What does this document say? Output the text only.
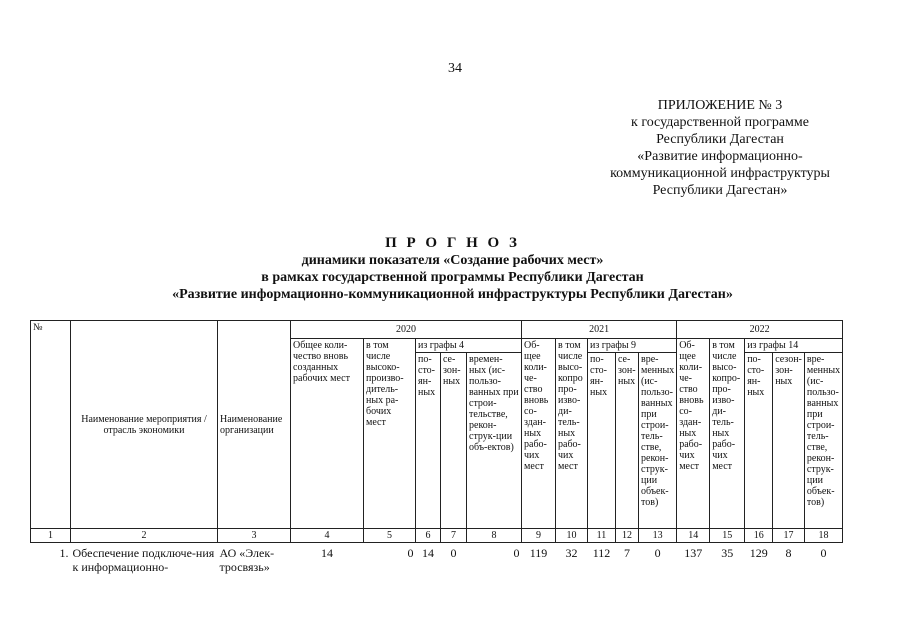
34
ПРИЛОЖЕНИЕ № 3
к государственной программе
Республики Дагестан
«Развитие информационно-
коммуникационной инфраструктуры
Республики Дагестан»
П Р О Г Н О З
динамики показателя «Создание рабочих мест»
в рамках государственной программы Республики Дагестан
«Развитие информационно-коммуникационной инфраструктуры Республики Дагестан»
№	Наименование мероприятия /отрасль экономики	Наименование организации	2020					2021					2022				
			Общее коли-чество вновь созданных рабочих мест	в том числе высоко-произво-дитель-ных ра-бочих мест	из графы 4			Об-щее коли-че-ство вновь со-здан-ных рабо-чих мест	в том числе высо-копро про-изво-ди-тель-ных рабо-чих мест	из графы 9			Об-щее коли-че-ство вновь со-здан-ных рабо-чих мест	в том числе высо-копро-про-изво-ди-тель-ных рабо-чих мест	из графы 14		
					по-сто-ян-ных	се-зон-ных	времен-ных (ис-пользо-ванных при строи-тельстве, рекон-струк-ции объ-ектов)			по-сто-ян-ных	се-зон-ных	вре-менных (ис-пользо-ванных при строи-тель-стве, рекон-струк-ции объек-тов)			по-сто-ян-ных	сезон-зон-ных	вре-менных (ис-пользо-ванных при строи-тель-стве, рекон-струк-ции объек-тов)
1	2	3	4	5	6	7	8	9	10	11	12	13	14	15	16	17	18
1.	Обеспечение подключе-ния к информационно-	АО «Элек-тросвязь»	14	0	14	0	0	119	32	112	7	0	137	35	129	8	0
